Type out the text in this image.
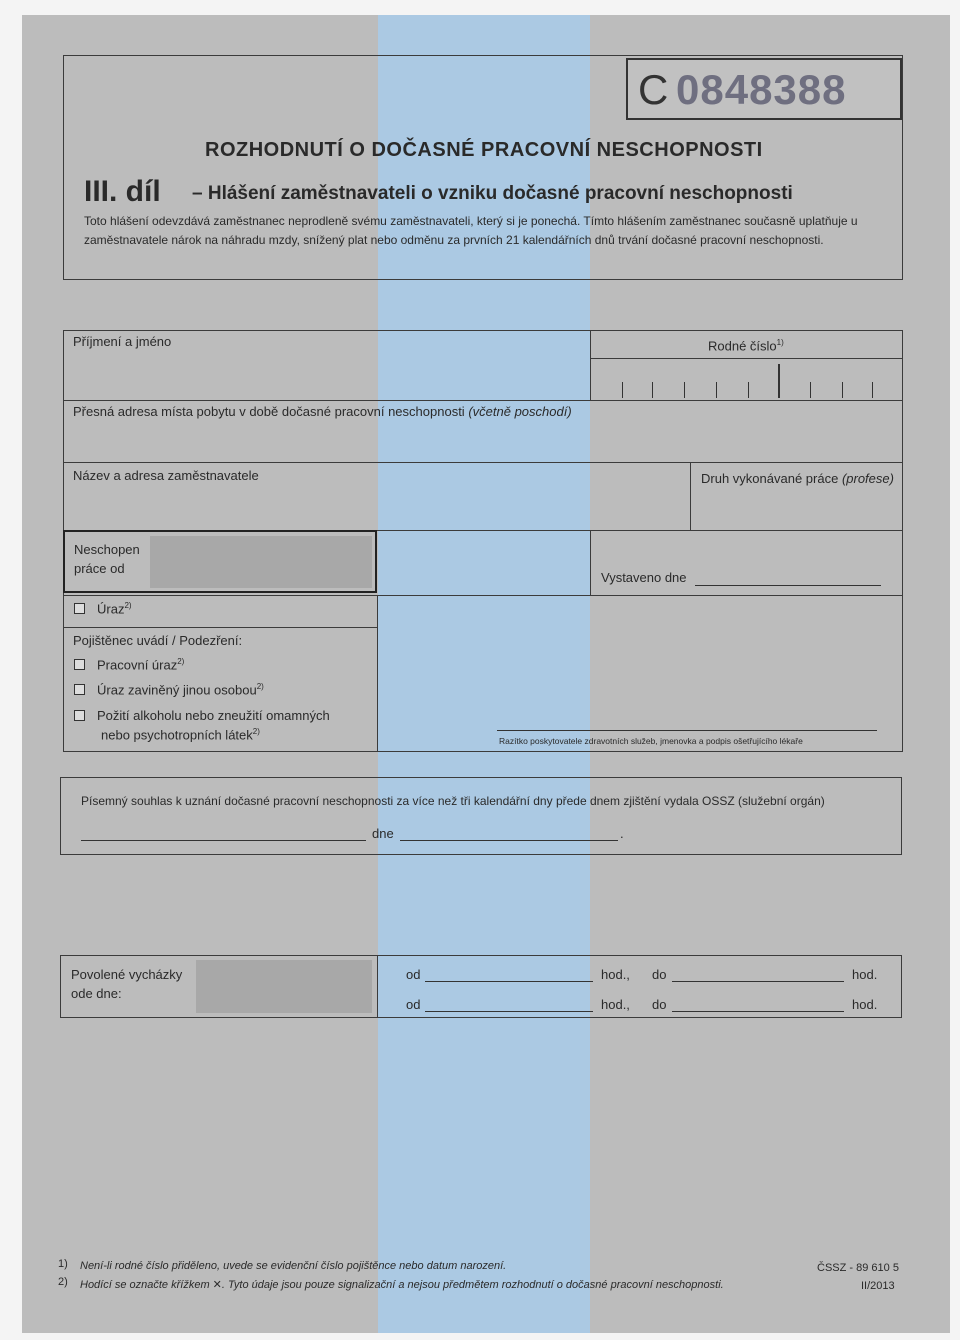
C 0848388
ROZHODNUTÍ O DOČASNÉ PRACOVNÍ NESCHOPNOSTI
III. díl – Hlášení zaměstnavateli o vzniku dočasné pracovní neschopnosti
Toto hlášení odevzdává zaměstnanec neprodleně svému zaměstnavateli, který si je ponechá. Tímto hlášením zaměstnanec současně uplatňuje u zaměstnavatele nárok na náhradu mzdy, snížený plat nebo odměnu za prvních 21 kalendářních dnů trvání dočasné pracovní neschopnosti.
Příjmení a jméno	Rodné číslo$^{1)}$
Přesná adresa místa pobytu v době dočasné pracovní neschopnosti (včetně poschodí)
Název a adresa zaměstnavatele	Druh vykonávané práce (profese)
Neschopen
práce od
Vystaveno dne
Úraz$^{2)}$
Pojištěnec uvádí / Podezření:
Pracovní úraz$^{2)}$
Úraz zaviněný jinou osobou$^{2)}$
Požití alkoholu nebo zneužití omamných
nebo psychotropních látek$^{2)}$
Razítko poskytovatele zdravotních služeb, jmenovka a podpis ošetřujícího lékaře
Písemný souhlas k uznání dočasné pracovní neschopnosti za více než tři kalendářní dny přede dnem zjištění vydala OSSZ (služební orgán)
dne	.
Povolené vycházky
ode dne:
od	hod., do	hod.
od	hod., do	hod.
1) Není-li rodné číslo přiděleno, uvede se evidenční číslo pojištěnce nebo datum narození.
2) Hodící se označte křížkem ✕. Tyto údaje jsou pouze signalizační a nejsou předmětem rozhodnutí o dočasné pracovní neschopnosti.
ČSSZ - 89 610 5
II/2013
